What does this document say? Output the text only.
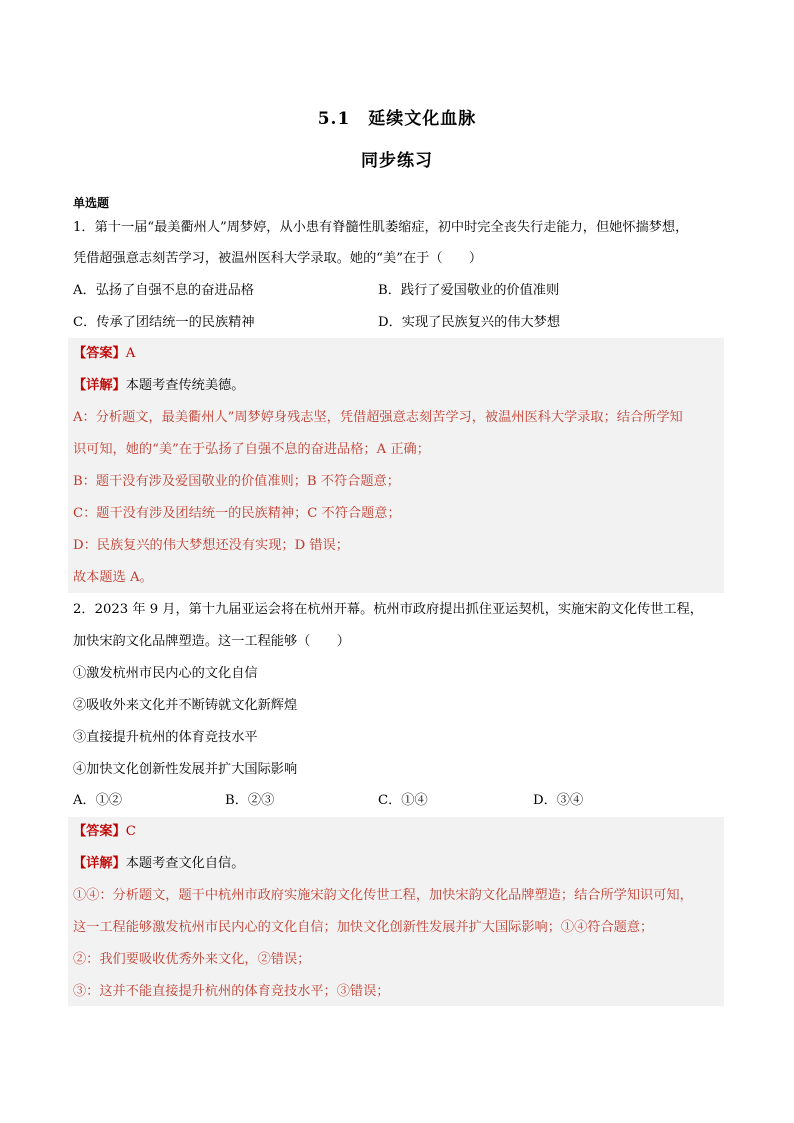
5.1　延续文化血脉
同步练习
单选题
1．第十一届“最美衢州人”周梦婷，从小患有脊髓性肌萎缩症，初中时完全丧失行走能力，但她怀揣梦想，
凭借超强意志刻苦学习，被温州医科大学录取。她的“美”在于（　　）
A．弘扬了自强不息的奋进品格	B．践行了爱国敬业的价值准则
C．传承了团结统一的民族精神	D．实现了民族复兴的伟大梦想
【答案】A
【详解】本题考查传统美德。
A：分析题文，最美衢州人”周梦婷身残志坚，凭借超强意志刻苦学习，被温州医科大学录取；结合所学知
识可知，她的“美”在于弘扬了自强不息的奋进品格；A 正确；
B：题干没有涉及爱国敬业的价值准则；B 不符合题意；
C：题干没有涉及团结统一的民族精神；C 不符合题意；
D：民族复兴的伟大梦想还没有实现；D 错误；
故本题选 A。
2．2023 年 9 月，第十九届亚运会将在杭州开幕。杭州市政府提出抓住亚运契机，实施宋韵文化传世工程，
加快宋韵文化品牌塑造。这一工程能够（　　）
①激发杭州市民内心的文化自信
②吸收外来文化并不断铸就文化新辉煌
③直接提升杭州的体育竞技水平
④加快文化创新性发展并扩大国际影响
A．①②	B．②③	C．①④	D．③④
【答案】C
【详解】本题考查文化自信。
①④：分析题文，题干中杭州市政府实施宋韵文化传世工程，加快宋韵文化品牌塑造；结合所学知识可知，
这一工程能够激发杭州市民内心的文化自信；加快文化创新性发展并扩大国际影响；①④符合题意；
②：我们要吸收优秀外来文化，②错误；
③：这并不能直接提升杭州的体育竞技水平；③错误；
